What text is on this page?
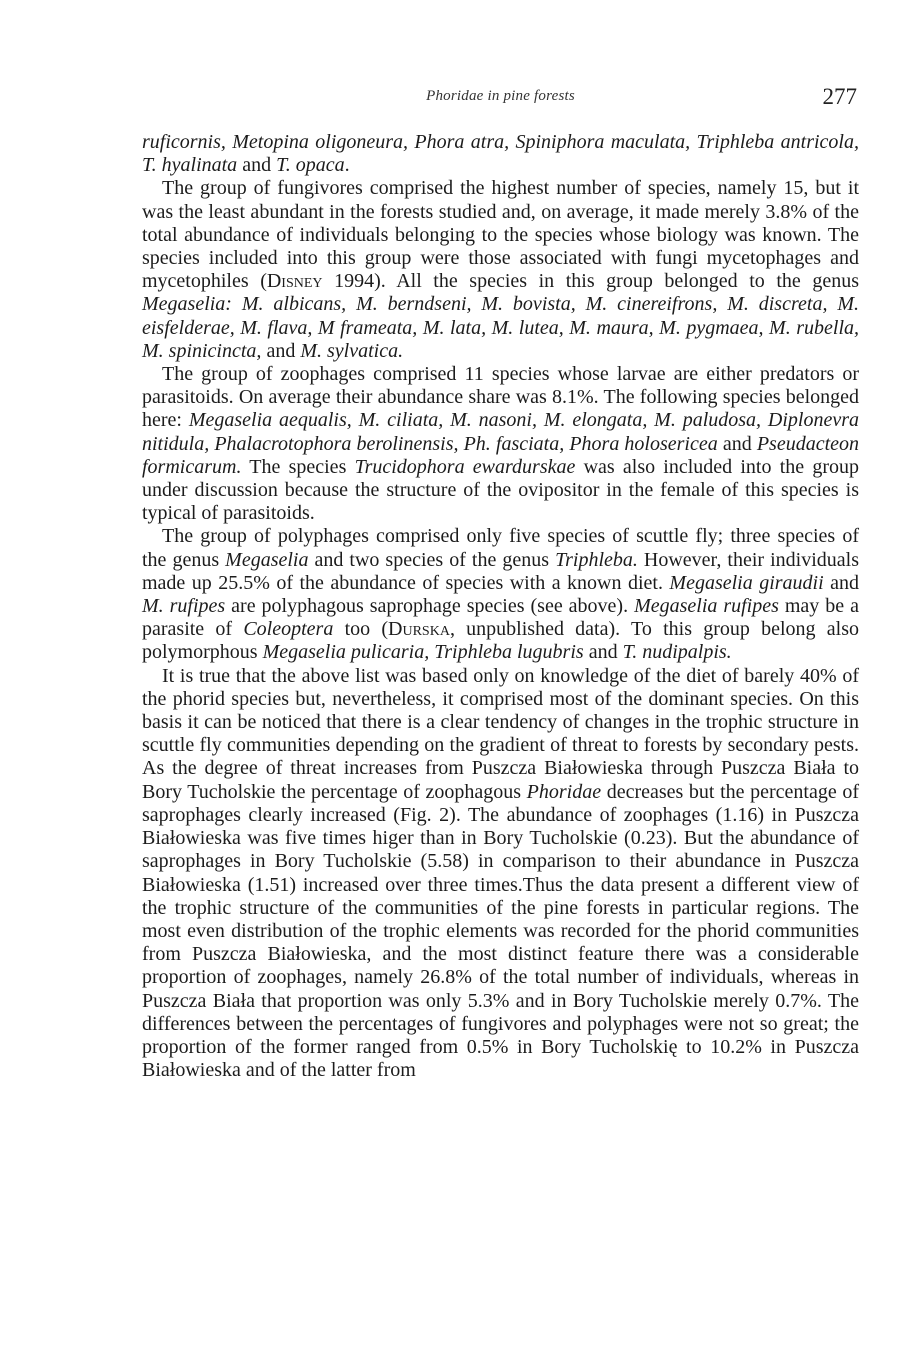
Phoridae in pine forests	277

ruficornis, Metopina oligoneura, Phora atra, Spiniphora maculata, Triphleba antricola, T. hyalinata and T. opaca.

The group of fungivores comprised the highest number of species, namely 15, but it was the least abundant in the forests studied and, on average, it made merely 3.8% of the total abundance of individuals belonging to the species whose biology was known. The species included into this group were those associated with fungi mycetophages and mycetophiles (Disney 1994). All the species in this group belonged to the genus Megaselia: M. albicans, M. berndseni, M. bovista, M. cinereifrons, M. discreta, M. eisfelderae, M. flava, M frameata, M. lata, M. lutea, M. maura, M. pygmaea, M. rubella, M. spinicincta, and M. sylvatica.

The group of zoophages comprised 11 species whose larvae are either predators or parasitoids. On average their abundance share was 8.1%. The following species belonged here: Megaselia aequalis, M. ciliata, M. nasoni, M. elongata, M. paludosa, Diplonevra nitidula, Phalacrotophora berolinensis, Ph. fasciata, Phora holosericea and Pseudacteon formicarum. The species Trucidophora ewardurskae was also included into the group under discussion because the structure of the ovipositor in the female of this species is typical of parasitoids.

The group of polyphages comprised only five species of scuttle fly; three species of the genus Megaselia and two species of the genus Triphleba. However, their individuals made up 25.5% of the abundance of species with a known diet. Megaselia giraudii and M. rufipes are polyphagous saprophage species (see above). Megaselia rufipes may be a parasite of Coleoptera too (Durska, unpublished data). To this group belong also polymorphous Megaselia pulicaria, Triphleba lugubris and T. nudipalpis.

It is true that the above list was based only on knowledge of the diet of barely 40% of the phorid species but, nevertheless, it comprised most of the dominant species. On this basis it can be noticed that there is a clear tendency of changes in the trophic structure in scuttle fly communities depending on the gradient of threat to forests by secondary pests. As the degree of threat increases from Puszcza Białowieska through Puszcza Biała to Bory Tucholskie the percentage of zoophagous Phoridae decreases but the percentage of saprophages clearly increased (Fig. 2). The abundance of zoophages (1.16) in Puszcza Białowieska was five times higer than in Bory Tucholskie (0.23). But the abundance of saprophages in Bory Tucholskie (5.58) in comparison to their abundance in Puszcza Białowieska (1.51) increased over three times.Thus the data present a different view of the trophic structure of the communities of the pine forests in particular regions. The most even distribution of the trophic elements was recorded for the phorid communities from Puszcza Białowieska, and the most distinct feature there was a considerable proportion of zoophages, namely 26.8% of the total number of individuals, whereas in Puszcza Biała that proportion was only 5.3% and in Bory Tucholskie merely 0.7%. The differences between the percentages of fungivores and polyphages were not so great; the proportion of the former ranged from 0.5% in Bory Tucholskię to 10.2% in Puszcza Białowieska and of the latter from
